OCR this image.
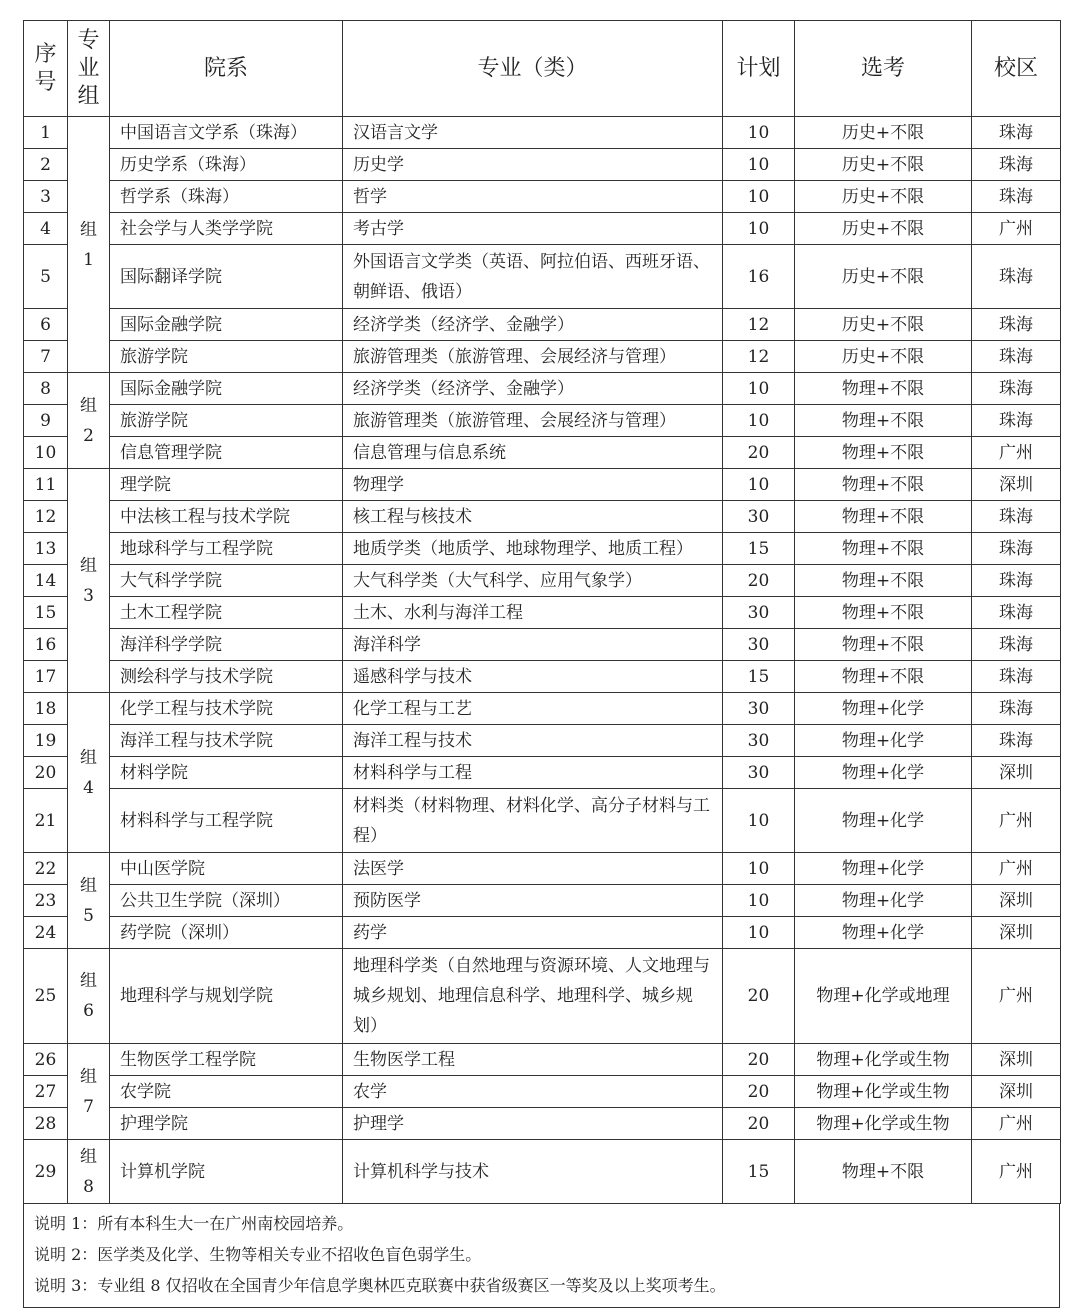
序号	专业组	院系	专业（类）	计划	选考	校区
1	组1	中国语言文学系（珠海）	汉语言文学	10	历史+不限	珠海
2		历史学系（珠海）	历史学	10	历史+不限	珠海
3		哲学系（珠海）	哲学	10	历史+不限	珠海
4		社会学与人类学学院	考古学	10	历史+不限	广州
5		国际翻译学院	外国语言文学类（英语、阿拉伯语、西班牙语、朝鲜语、俄语）	16	历史+不限	珠海
6		国际金融学院	经济学类（经济学、金融学）	12	历史+不限	珠海
7		旅游学院	旅游管理类（旅游管理、会展经济与管理）	12	历史+不限	珠海
8	组2	国际金融学院	经济学类（经济学、金融学）	10	物理+不限	珠海
9		旅游学院	旅游管理类（旅游管理、会展经济与管理）	10	物理+不限	珠海
10		信息管理学院	信息管理与信息系统	20	物理+不限	广州
11	组3	理学院	物理学	10	物理+不限	深圳
12		中法核工程与技术学院	核工程与核技术	30	物理+不限	珠海
13		地球科学与工程学院	地质学类（地质学、地球物理学、地质工程）	15	物理+不限	珠海
14		大气科学学院	大气科学类（大气科学、应用气象学）	20	物理+不限	珠海
15		土木工程学院	土木、水利与海洋工程	30	物理+不限	珠海
16		海洋科学学院	海洋科学	30	物理+不限	珠海
17		测绘科学与技术学院	遥感科学与技术	15	物理+不限	珠海
18	组4	化学工程与技术学院	化学工程与工艺	30	物理+化学	珠海
19		海洋工程与技术学院	海洋工程与技术	30	物理+化学	珠海
20		材料学院	材料科学与工程	30	物理+化学	深圳
21		材料科学与工程学院	材料类（材料物理、材料化学、高分子材料与工程）	10	物理+化学	广州
22	组5	中山医学院	法医学	10	物理+化学	广州
23		公共卫生学院（深圳）	预防医学	10	物理+化学	深圳
24		药学院（深圳）	药学	10	物理+化学	深圳
25	组6	地理科学与规划学院	地理科学类（自然地理与资源环境、人文地理与城乡规划、地理信息科学、地理科学、城乡规划）	20	物理+化学或地理	广州
26	组7	生物医学工程学院	生物医学工程	20	物理+化学或生物	深圳
27		农学院	农学	20	物理+化学或生物	深圳
28		护理学院	护理学	20	物理+化学或生物	广州
29	组8	计算机学院	计算机科学与技术	15	物理+不限	广州
说明 1：所有本科生大一在广州南校园培养。
说明 2：医学类及化学、生物等相关专业不招收色盲色弱学生。
说明 3：专业组 8 仅招收在全国青少年信息学奥林匹克联赛中获省级赛区一等奖及以上奖项考生。
